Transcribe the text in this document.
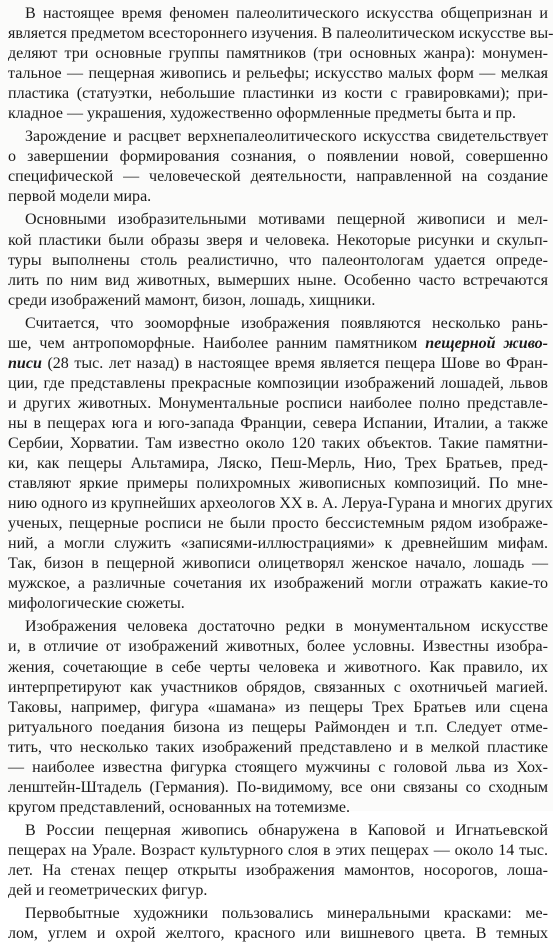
В настоящее время феномен палеолитического искусства общепризнан и
является предметом всестороннего изучения. В палеолитическом искусстве вы-
деляют три основные группы памятников (три основных жанра): монумен-
тальное — пещерная живопись и рельефы; искусство малых форм — мелкая
пластика (статуэтки, небольшие пластинки из кости с гравировками); при-
кладное — украшения, художественно оформленные предметы быта и пр.
Зарождение и расцвет верхнепалеолитического искусства свидетельствует
о завершении формирования сознания, о появлении новой, совершенно
специфической — человеческой деятельности, направленной на создание
первой модели мира.
Основными изобразительными мотивами пещерной живописи и мел-
кой пластики были образы зверя и человека. Некоторые рисунки и скульп-
туры выполнены столь реалистично, что палеонтологам удается опреде-
лить по ним вид животных, вымерших ныне. Особенно часто встречаются
среди изображений мамонт, бизон, лошадь, хищники.
Считается, что зооморфные изображения появляются несколько рань-
ше, чем антропоморфные. Наиболее ранним памятником пещерной живо-
писи (28 тыс. лет назад) в настоящее время является пещера Шове во Фран-
ции, где представлены прекрасные композиции изображений лошадей, львов
и других животных. Монументальные росписи наиболее полно представле-
ны в пещерах юга и юго-запада Франции, севера Испании, Италии, а также
Сербии, Хорватии. Там известно около 120 таких объектов. Такие памятни-
ки, как пещеры Альтамира, Ляско, Пеш-Мерль, Нио, Трех Братьев, пред-
ставляют яркие примеры полихромных живописных композиций. По мне-
нию одного из крупнейших археологов XX в. А. Леруа-Гурана и многих других
ученых, пещерные росписи не были просто бессистемным рядом изображе-
ний, а могли служить «записями-иллюстрациями» к древнейшим мифам.
Так, бизон в пещерной живописи олицетворял женское начало, лошадь —
мужское, а различные сочетания их изображений могли отражать какие-то
мифологические сюжеты.
Изображения человека достаточно редки в монументальном искусстве
и, в отличие от изображений животных, более условны. Известны изобра-
жения, сочетающие в себе черты человека и животного. Как правило, их
интерпретируют как участников обрядов, связанных с охотничьей магией.
Таковы, например, фигура «шамана» из пещеры Трех Братьев или сцена
ритуального поедания бизона из пещеры Раймонден и т.п. Следует отме-
тить, что несколько таких изображений представлено и в мелкой пластике
— наиболее известна фигурка стоящего мужчины с головой льва из Хох-
ленштейн-Штадель (Германия). По-видимому, все они связаны со сходным
кругом представлений, основанных на тотемизме.
В России пещерная живопись обнаружена в Каповой и Игнатьевской
пещерах на Урале. Возраст культурного слоя в этих пещерах — около 14 тыс.
лет. На стенах пещер открыты изображения мамонтов, носорогов, лоша-
дей и геометрических фигур.
Первобытные художники пользовались минеральными красками: ме-
лом, углем и охрой желтого, красного или вишневого цвета. В темных
